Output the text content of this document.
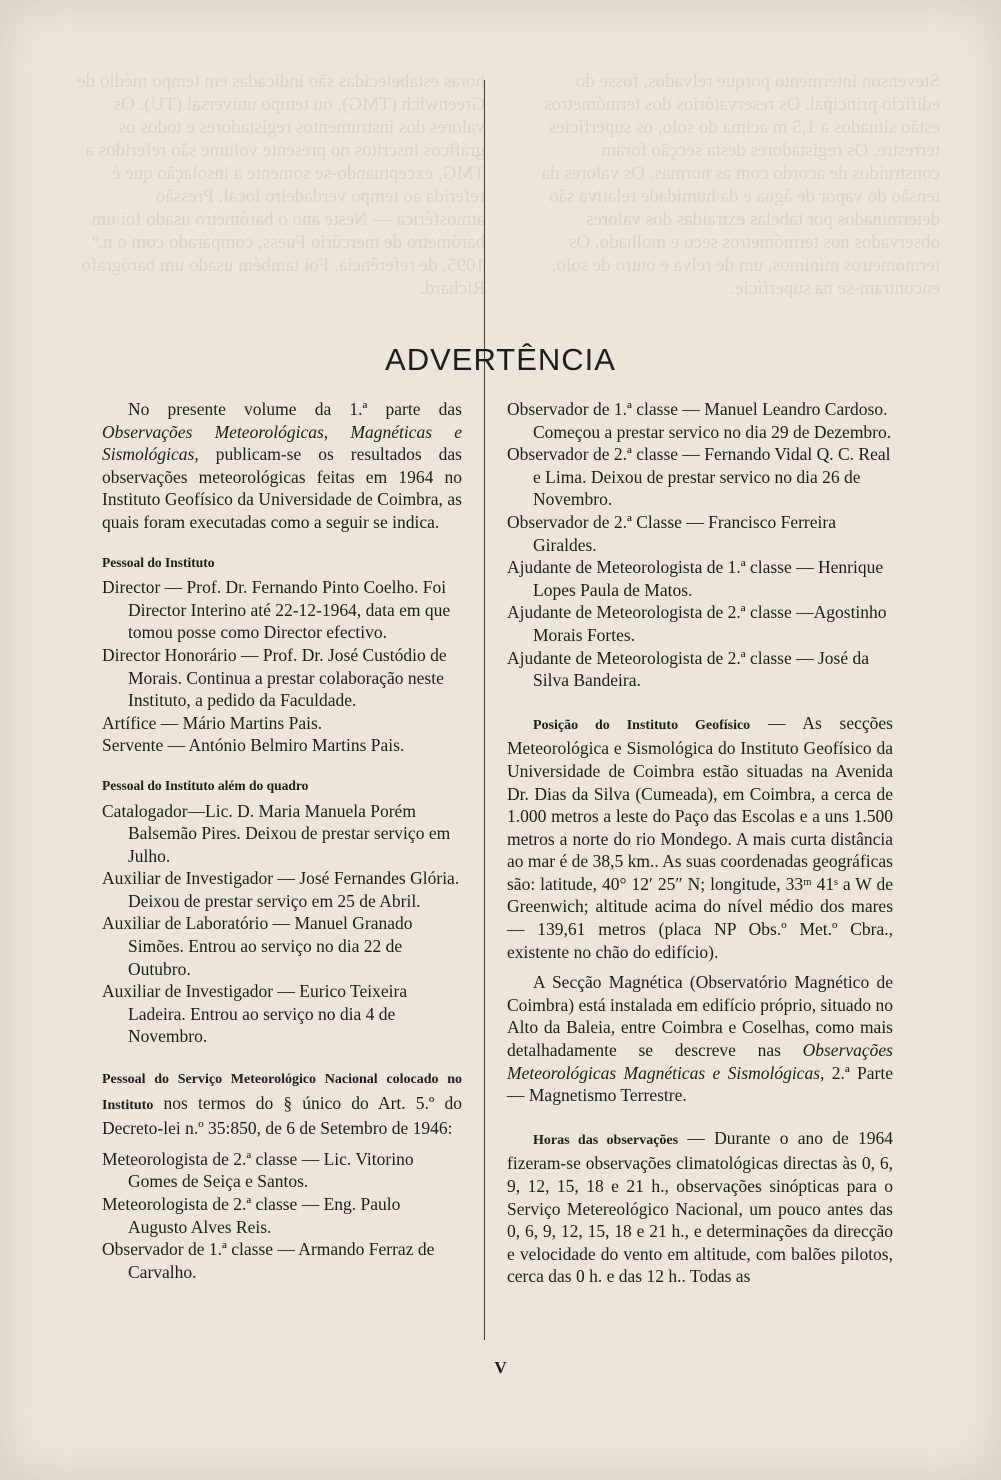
Stevenson intermento porque relvados, fosse do edifício principal. Os reservatórios dos termómetros estão situados a 1,5 m acima do solo, os superfícies terrestre. Os registadores desta secção foram construídos de acordo com as normas. Os valores da tensão do vapor de água e da humidade relativa são determinados por tabelas extraídas dos valores observados nos termómetros seco e molhado. Os termómetros mínimos, um de relva e outro de solo, encontram-se na superfície.
horas estabelecidas são indicadas em tempo médio de Greenwich (TMG), ou tempo universal (TU). Os valores dos instrumentos registadores e todos os gráficos inscritos no presente volume são referidos a TMG, exceptuando-se somente a insolação que é referida ao tempo verdadeiro local. Pressão atmosférica — Neste ano o barómetro usado foi um barómetro de mercúrio Fuess, comparado com o n.º 1095, de referência. Foi também usado um barógrafo Richard.
ADVERTÊNCIA

No presente volume da 1.ª parte das Observações Meteorológicas, Magnéticas e Sismológicas, publicam-se os resultados das observações meteorológicas feitas em 1964 no Instituto Geofísico da Universidade de Coimbra, as quais foram executadas como a seguir se indica.

Pessoal do Instituto

Director — Prof. Dr. Fernando Pinto Coelho. Foi Director Interino até 22-12-1964, data em que tomou posse como Director efectivo.

Director Honorário — Prof. Dr. José Custódio de Morais. Continua a prestar colaboração neste Instituto, a pedido da Faculdade.

Artífice — Mário Martins Pais.

Servente — António Belmiro Martins Pais.

Pessoal do Instituto além do quadro

Catalogador—Lic. D. Maria Manuela Porém Balsemão Pires. Deixou de prestar serviço em Julho.

Auxiliar de Investigador — José Fernandes Glória. Deixou de prestar serviço em 25 de Abril.

Auxiliar de Laboratório — Manuel Granado Simões. Entrou ao serviço no dia 22 de Outubro.

Auxiliar de Investigador — Eurico Teixeira Ladeira. Entrou ao serviço no dia 4 de Novembro.

Pessoal do Serviço Meteorológico Nacional colocado no Instituto nos termos do § único do Art. 5.º do Decreto-lei n.º 35:850, de 6 de Setembro de 1946:

Meteorologista de 2.ª classe — Lic. Vitorino Gomes de Seiça e Santos.

Meteorologista de 2.ª classe — Eng. Paulo Augusto Alves Reis.

Observador de 1.ª classe — Armando Ferraz de Carvalho.

Observador de 1.ª classe — Manuel Leandro Cardoso. Começou a prestar servico no dia 29 de Dezembro.

Observador de 2.ª classe — Fernando Vidal Q. C. Real e Lima. Deixou de prestar servico no dia 26 de Novembro.

Observador de 2.ª Classe — Francisco Ferreira Giraldes.

Ajudante de Meteorologista de 1.ª classe — Henrique Lopes Paula de Matos.

Ajudante de Meteorologista de 2.ª classe —Agostinho Morais Fortes.

Ajudante de Meteorologista de 2.ª classe — José da Silva Bandeira.

Posição do Instituto Geofísico — As secções Meteorológica e Sismológica do Instituto Geofísico da Universidade de Coimbra estão situadas na Avenida Dr. Dias da Silva (Cumeada), em Coimbra, a cerca de 1.000 metros a leste do Paço das Escolas e a uns 1.500 metros a norte do rio Mondego. A mais curta distância ao mar é de 38,5 km.. As suas coordenadas geográficas são: latitude, 40° 12′ 25″ N; longitude, 33ᵐ 41ˢ a W de Greenwich; altitude acima do nível médio dos mares — 139,61 metros (placa NP Obs.º Met.º Cbra., existente no chão do edifício).

A Secção Magnética (Observatório Magnético de Coimbra) está instalada em edifício próprio, situado no Alto da Baleia, entre Coimbra e Coselhas, como mais detalhadamente se descreve nas Observações Meteorológicas Magnéticas e Sismológicas, 2.ª Parte — Magnetismo Terrestre.

Horas das observações — Durante o ano de 1964 fizeram-se observações climatológicas directas às 0, 6, 9, 12, 15, 18 e 21 h., observações sinópticas para o Serviço Metereológico Nacional, um pouco antes das 0, 6, 9, 12, 15, 18 e 21 h., e determinações da direcção e velocidade do vento em altitude, com balões pilotos, cerca das 0 h. e das 12 h.. Todas as

V
